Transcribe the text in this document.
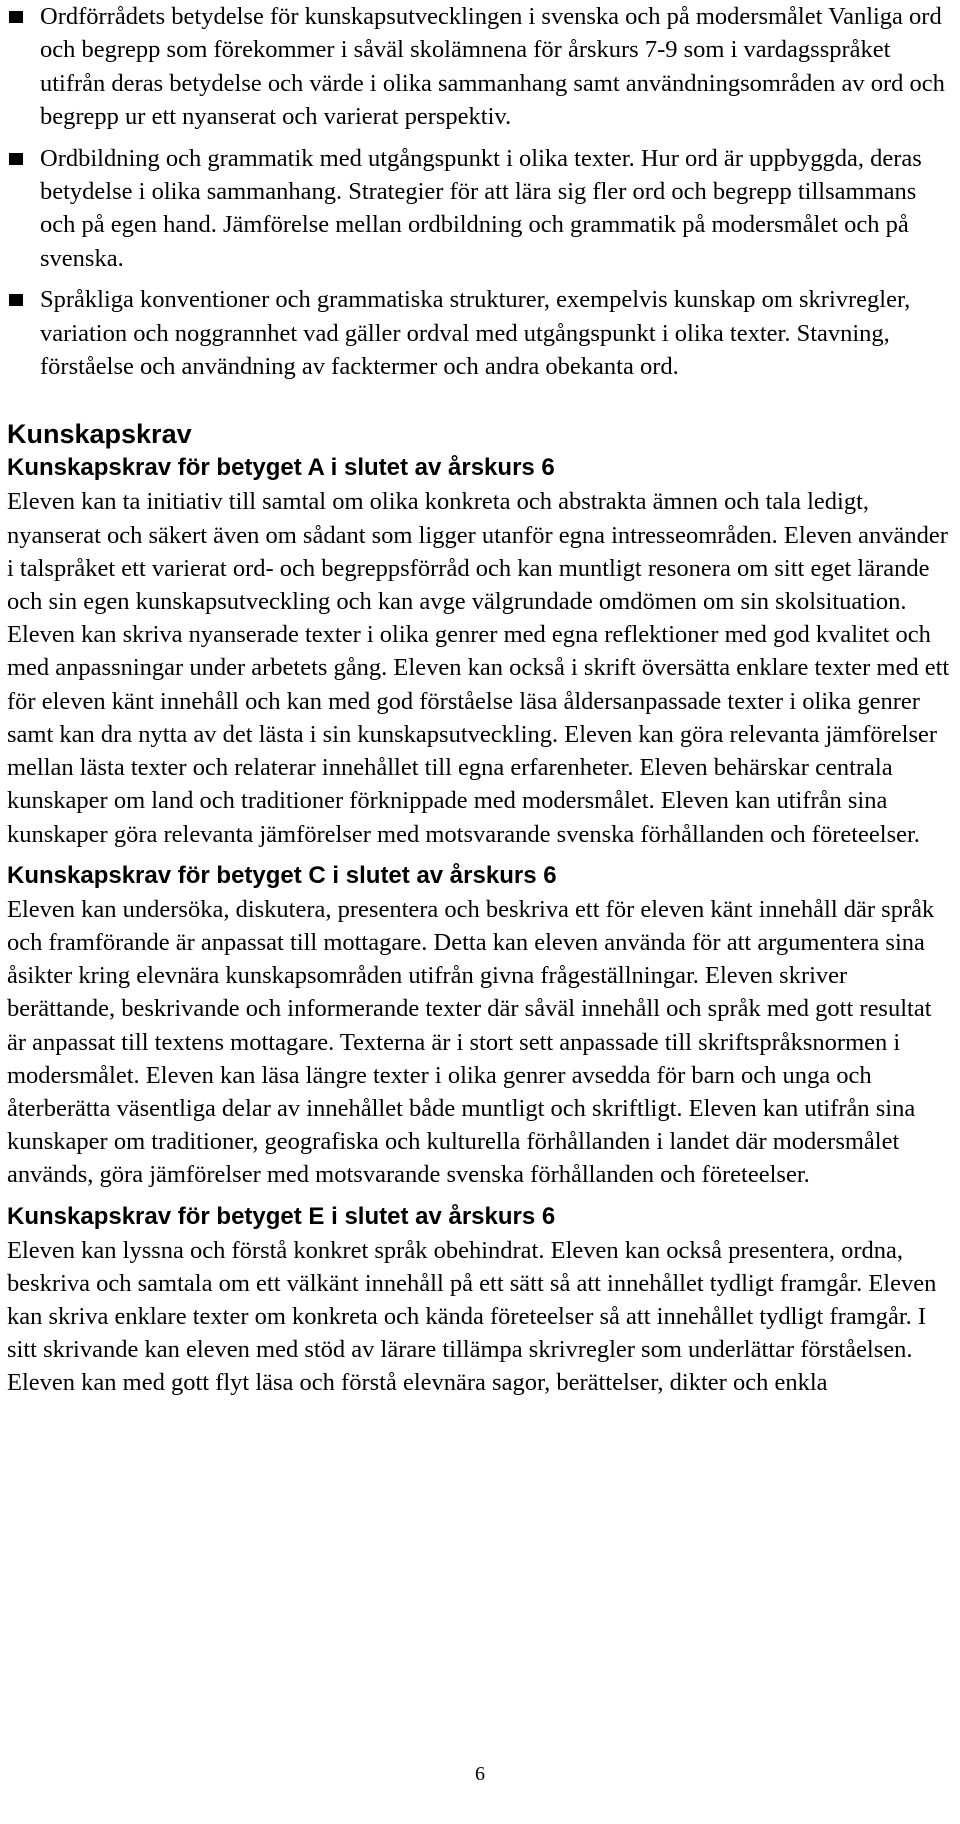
Ordförrådets betydelse för kunskapsutvecklingen i svenska och på modersmålet Vanliga ord och begrepp som förekommer i såväl skolämnena för årskurs 7-9 som i vardagsspråket utifrån deras betydelse och värde i olika sammanhang samt användningsområden av ord och begrepp ur ett nyanserat och varierat perspektiv.
Ordbildning och grammatik med utgångspunkt i olika texter. Hur ord är uppbyggda, deras betydelse i olika sammanhang. Strategier för att lära sig fler ord och begrepp tillsammans och på egen hand. Jämförelse mellan ordbildning och grammatik på modersmålet och på svenska.
Språkliga konventioner och grammatiska strukturer, exempelvis kunskap om skrivregler, variation och noggrannhet vad gäller ordval med utgångspunkt i olika texter. Stavning, förståelse och användning av facktermer och andra obekanta ord.
Kunskapskrav
Kunskapskrav för betyget A i slutet av årskurs 6

Eleven kan ta initiativ till samtal om olika konkreta och abstrakta ämnen och tala ledigt, nyanserat och säkert även om sådant som ligger utanför egna intresseområden. Eleven använder i talspråket ett varierat ord- och begreppsförråd och kan muntligt resonera om sitt eget lärande och sin egen kunskapsutveckling och kan avge välgrundade omdömen om sin skolsituation. Eleven kan skriva nyanserade texter i olika genrer med egna reflektioner med god kvalitet och med anpassningar under arbetets gång. Eleven kan också i skrift översätta enklare texter med ett för eleven känt innehåll och kan med god förståelse läsa åldersanpassade texter i olika genrer samt kan dra nytta av det lästa i sin kunskapsutveckling. Eleven kan göra relevanta jämförelser mellan lästa texter och relaterar innehållet till egna erfarenheter. Eleven behärskar centrala kunskaper om land och traditioner förknippade med modersmålet. Eleven kan utifrån sina kunskaper göra relevanta jämförelser med motsvarande svenska förhållanden och företeelser.

Kunskapskrav för betyget C i slutet av årskurs 6

Eleven kan undersöka, diskutera, presentera och beskriva ett för eleven känt innehåll där språk och framförande är anpassat till mottagare. Detta kan eleven använda för att argumentera sina åsikter kring elevnära kunskapsområden utifrån givna frågeställningar. Eleven skriver berättande, beskrivande och informerande texter där såväl innehåll och språk med gott resultat är anpassat till textens mottagare. Texterna är i stort sett anpassade till skriftspråksnormen i modersmålet. Eleven kan läsa längre texter i olika genrer avsedda för barn och unga och återberätta väsentliga delar av innehållet både muntligt och skriftligt. Eleven kan utifrån sina kunskaper om traditioner, geografiska och kulturella förhållanden i landet där modersmålet används, göra jämförelser med motsvarande svenska förhållanden och företeelser.

Kunskapskrav för betyget E i slutet av årskurs 6

Eleven kan lyssna och förstå konkret språk obehindrat. Eleven kan också presentera, ordna, beskriva och samtala om ett välkänt innehåll på ett sätt så att innehållet tydligt framgår. Eleven kan skriva enklare texter om konkreta och kända företeelser så att innehållet tydligt framgår. I sitt skrivande kan eleven med stöd av lärare tillämpa skrivregler som underlättar förståelsen. Eleven kan med gott flyt läsa och förstå elevnära sagor, berättelser, dikter och enkla

6
